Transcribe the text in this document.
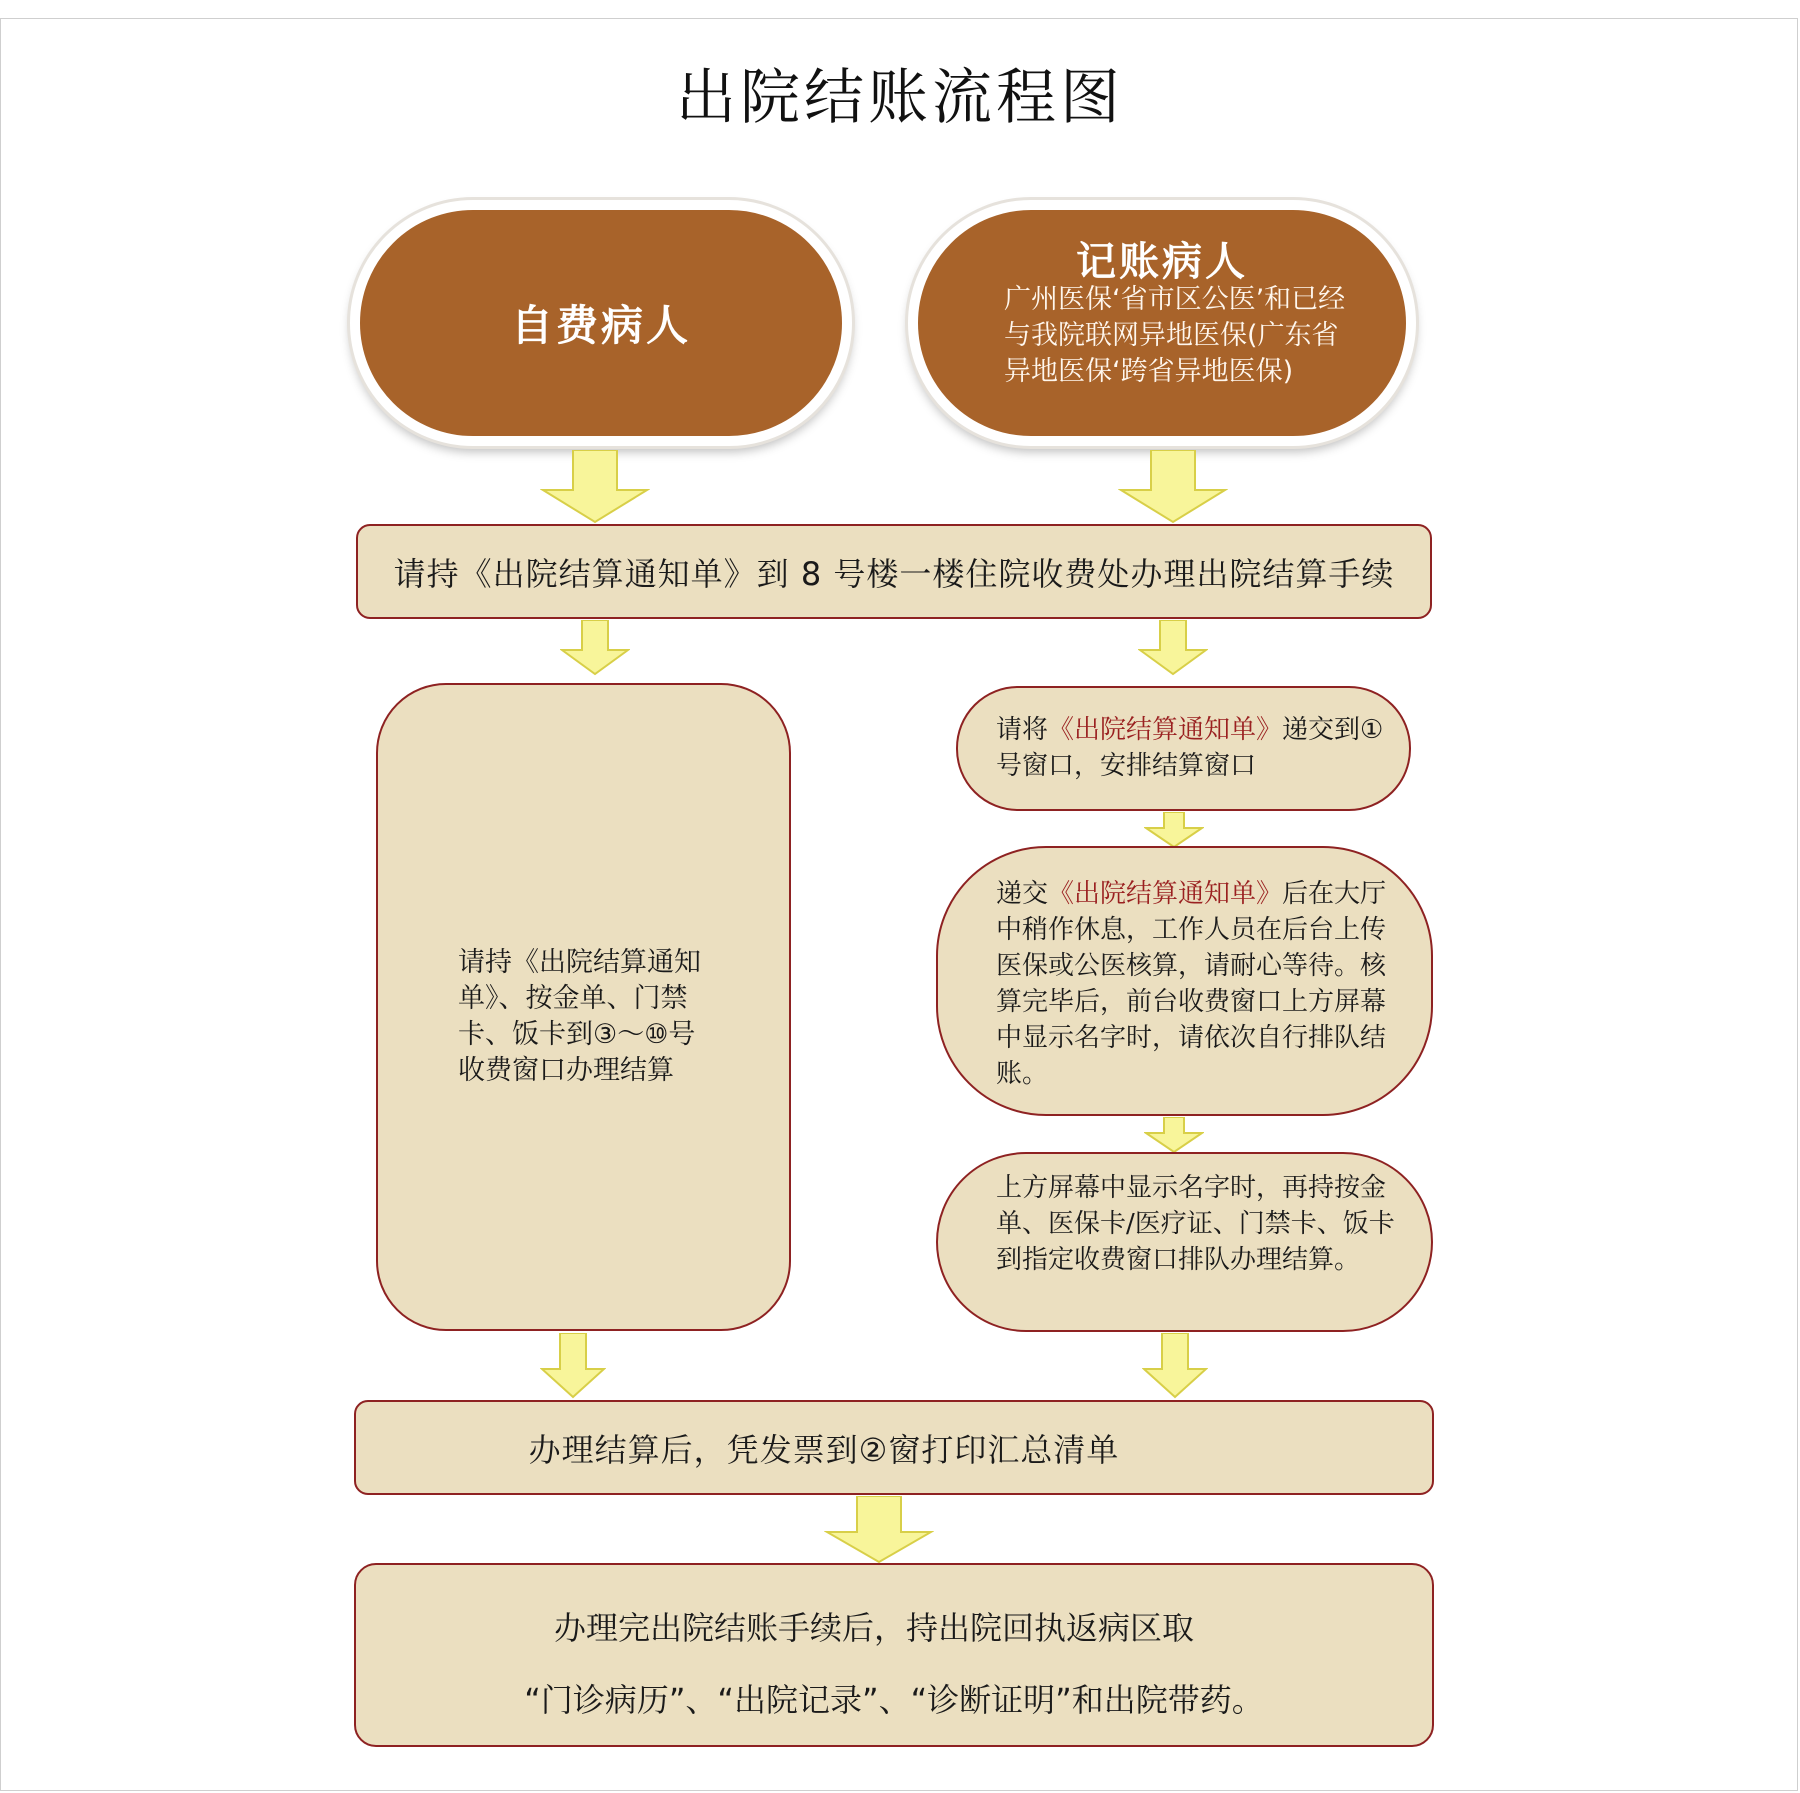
出院结账流程图
自费病人
记账病人
广州医保‘省市区公医’和已经与我院联网异地医保(广东省异地医保‘跨省异地医保)
请持《出院结算通知单》到 8 号楼一楼住院收费处办理出院结算手续
请持《出院结算通知单》、按金单、门禁卡、饭卡到③～⑩号收费窗口办理结算
请将《出院结算通知单》递交到①号窗口，安排结算窗口
递交《出院结算通知单》后在大厅中稍作休息，工作人员在后台上传医保或公医核算，请耐心等待。核算完毕后，前台收费窗口上方屏幕中显示名字时，请依次自行排队结账。
上方屏幕中显示名字时，再持按金单、医保卡/医疗证、门禁卡、饭卡到指定收费窗口排队办理结算。
办理结算后，凭发票到②窗打印汇总清单
办理完出院结账手续后，持出院回执返病区取
“门诊病历”、“出院记录”、“诊断证明”和出院带药。
